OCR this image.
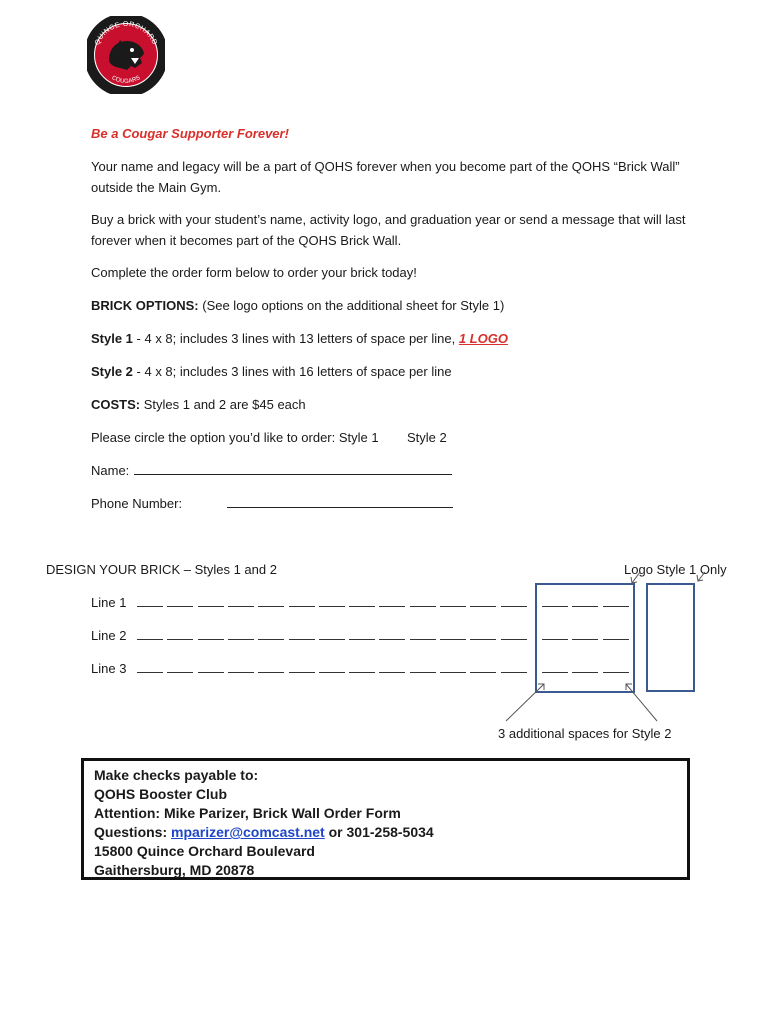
QUINCE ORCHARD
COUGARS
Be a Cougar Supporter Forever!
Your name and legacy will be a part of QOHS forever when you become part of the QOHS “Brick Wall” outside the Main Gym.
Buy a brick with your student’s name, activity logo, and graduation year or send a message that will last forever when it becomes part of the QOHS Brick Wall.
Complete the order form below to order your brick today!
BRICK OPTIONS: (See logo options on the additional sheet for Style 1)
Style 1 - 4 x 8; includes 3 lines with 13 letters of space per line, 1 LOGO
Style 2 - 4 x 8; includes 3 lines with 16 letters of space per line
COSTS: Styles 1 and 2 are $45 each
Please circle the option you’d like to order: Style 1 Style 2
Name:
Phone Number:
DESIGN YOUR BRICK – Styles 1 and 2	Logo Style 1 Only
Line 1
Line 2
Line 3
3 additional spaces for Style 2
Make checks payable to:
QOHS Booster Club
Attention: Mike Parizer, Brick Wall Order Form
Questions: mparizer@comcast.net or 301-258-5034
15800 Quince Orchard Boulevard
Gaithersburg, MD 20878
